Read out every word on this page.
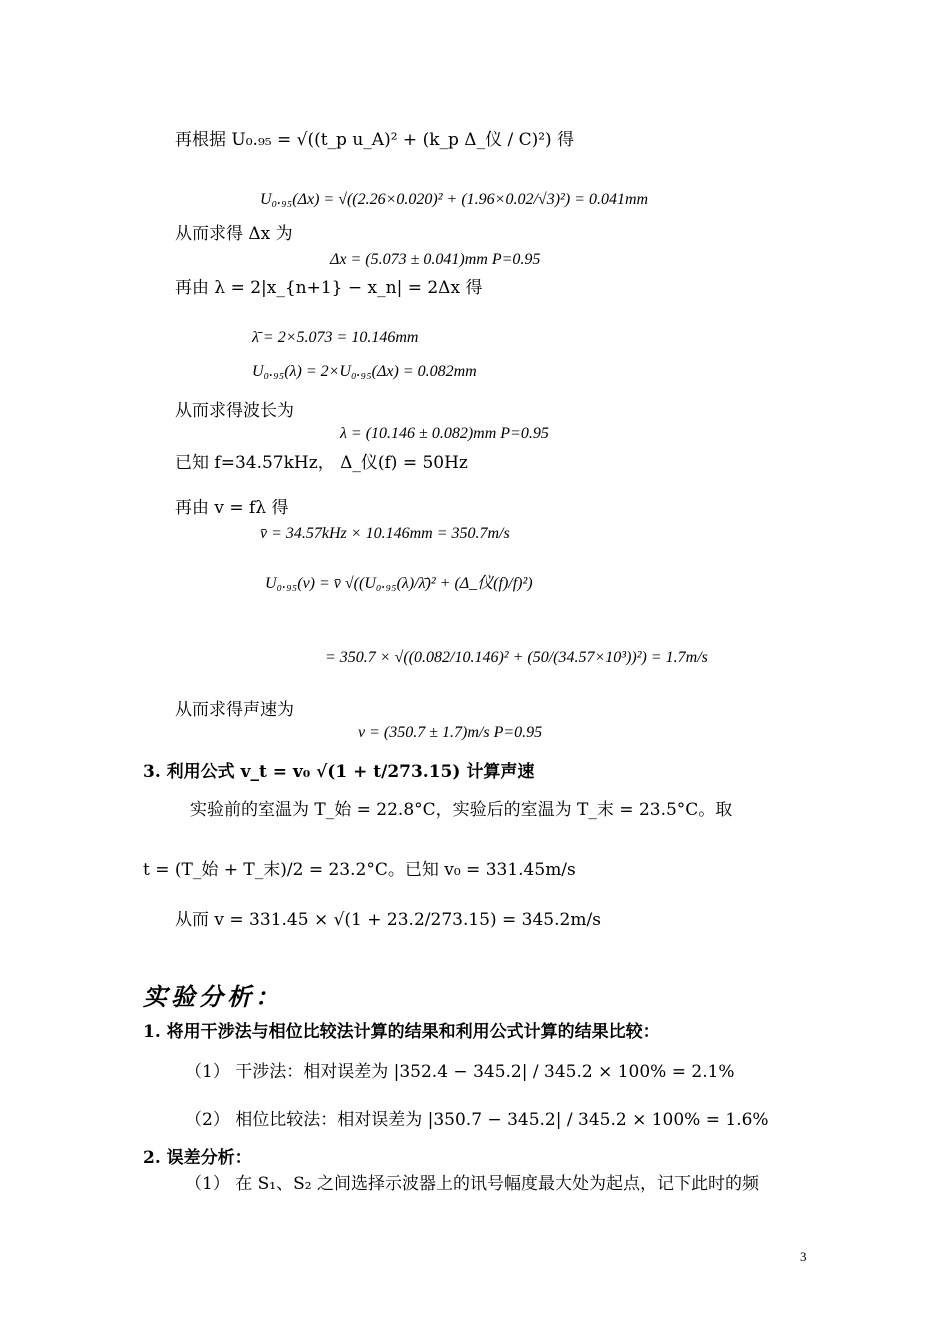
再根据 U₀.₉₅ = √((t_p u_A)² + (k_p Δ_仪 / C)²) 得
U₀.₉₅(Δx) = √((2.26×0.020)² + (1.96×0.02/√3)²) = 0.041mm
从而求得 Δx 为
Δx = (5.073 ± 0.041)mm P=0.95
再由 λ = 2|x_{n+1} − x_n| = 2Δx 得
λ̄ = 2×5.073 = 10.146mm
U₀.₉₅(λ) = 2×U₀.₉₅(Δx) = 0.082mm
从而求得波长为
λ = (10.146 ± 0.082)mm P=0.95
已知 f=34.57kHz， Δ_仪(f) = 50Hz
再由 v = fλ 得
v̄ = 34.57kHz × 10.146mm = 350.7m/s
U₀.₉₅(v) = v̄ √((U₀.₉₅(λ)/λ̄)² + (Δ_仪(f)/f)²)
= 350.7 × √((0.082/10.146)² + (50/(34.57×10³))²) = 1.7m/s
从而求得声速为
v = (350.7 ± 1.7)m/s P=0.95
3. 利用公式 v_t = v₀ √(1 + t/273.15) 计算声速
实验前的室温为 T_始 = 22.8°C，实验后的室温为 T_末 = 23.5°C。取
t = (T_始 + T_末)/2 = 23.2°C。已知 v₀ = 331.45m/s
从而 v = 331.45 × √(1 + 23.2/273.15) = 345.2m/s
实验分析：
1. 将用干涉法与相位比较法计算的结果和利用公式计算的结果比较：
（1） 干涉法：相对误差为 |352.4 − 345.2| / 345.2 × 100% = 2.1%
（2） 相位比较法：相对误差为 |350.7 − 345.2| / 345.2 × 100% = 1.6%
2. 误差分析：
（1） 在 S₁、S₂ 之间选择示波器上的讯号幅度最大处为起点，记下此时的频
3
